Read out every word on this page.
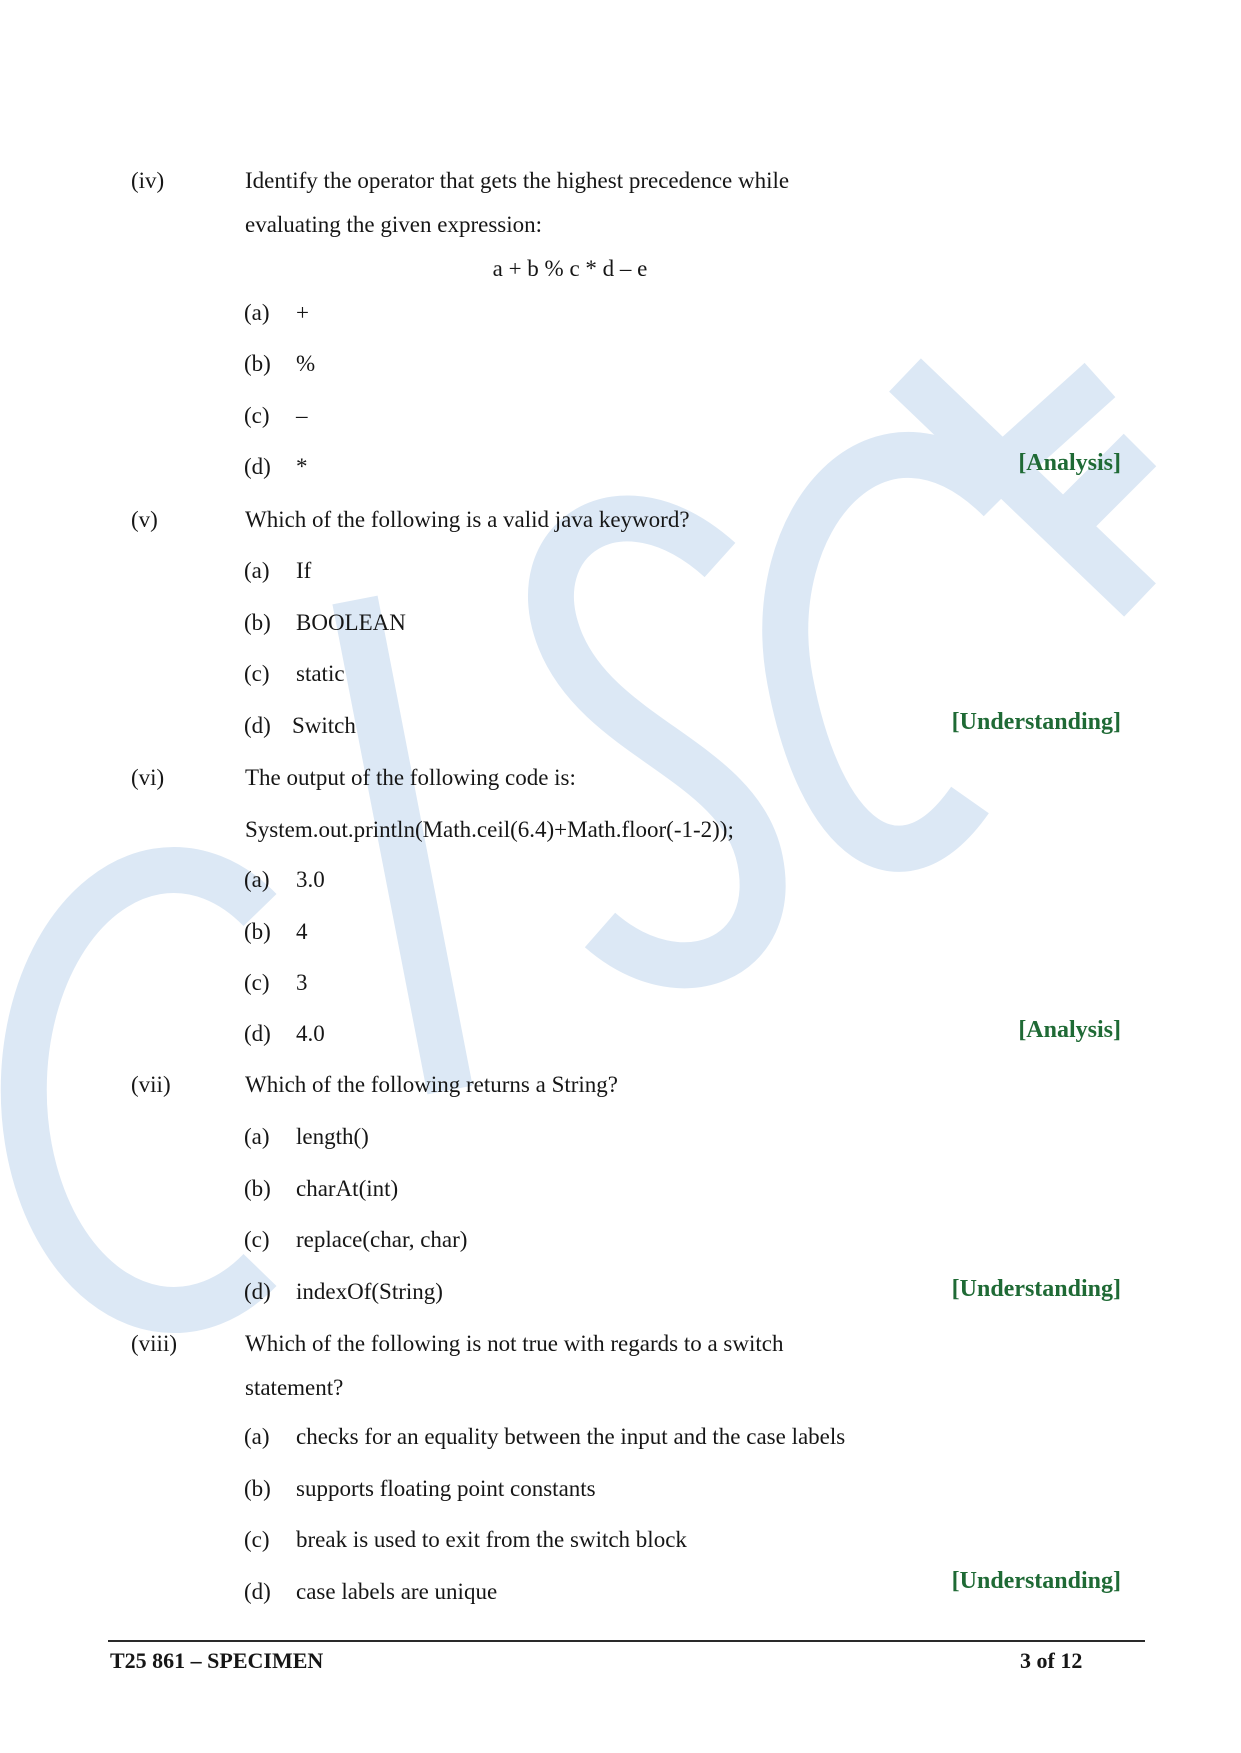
(iv)	Identify the operator that gets the highest precedence while
evaluating the given expression:
a + b % c * d – e
(a) +
(b) %
(c) –
(d) *	[Analysis]
(v)	Which of the following is a valid java keyword?
(a) If
(b) BOOLEAN
(c) static
(d) Switch	[Understanding]
(vi)	The output of the following code is:
System.out.println(Math.ceil(6.4)+Math.floor(-1-2));
(a) 3.0
(b) 4
(c) 3
(d) 4.0	[Analysis]
(vii)	Which of the following returns a String?
(a) length()
(b) charAt(int)
(c) replace(char, char)
(d) indexOf(String)	[Understanding]
(viii)	Which of the following is not true with regards to a switch
statement?
(a) checks for an equality between the input and the case labels
(b) supports floating point constants
(c) break is used to exit from the switch block
(d) case labels are unique	[Understanding]
T25 861 – SPECIMEN	3 of 12
